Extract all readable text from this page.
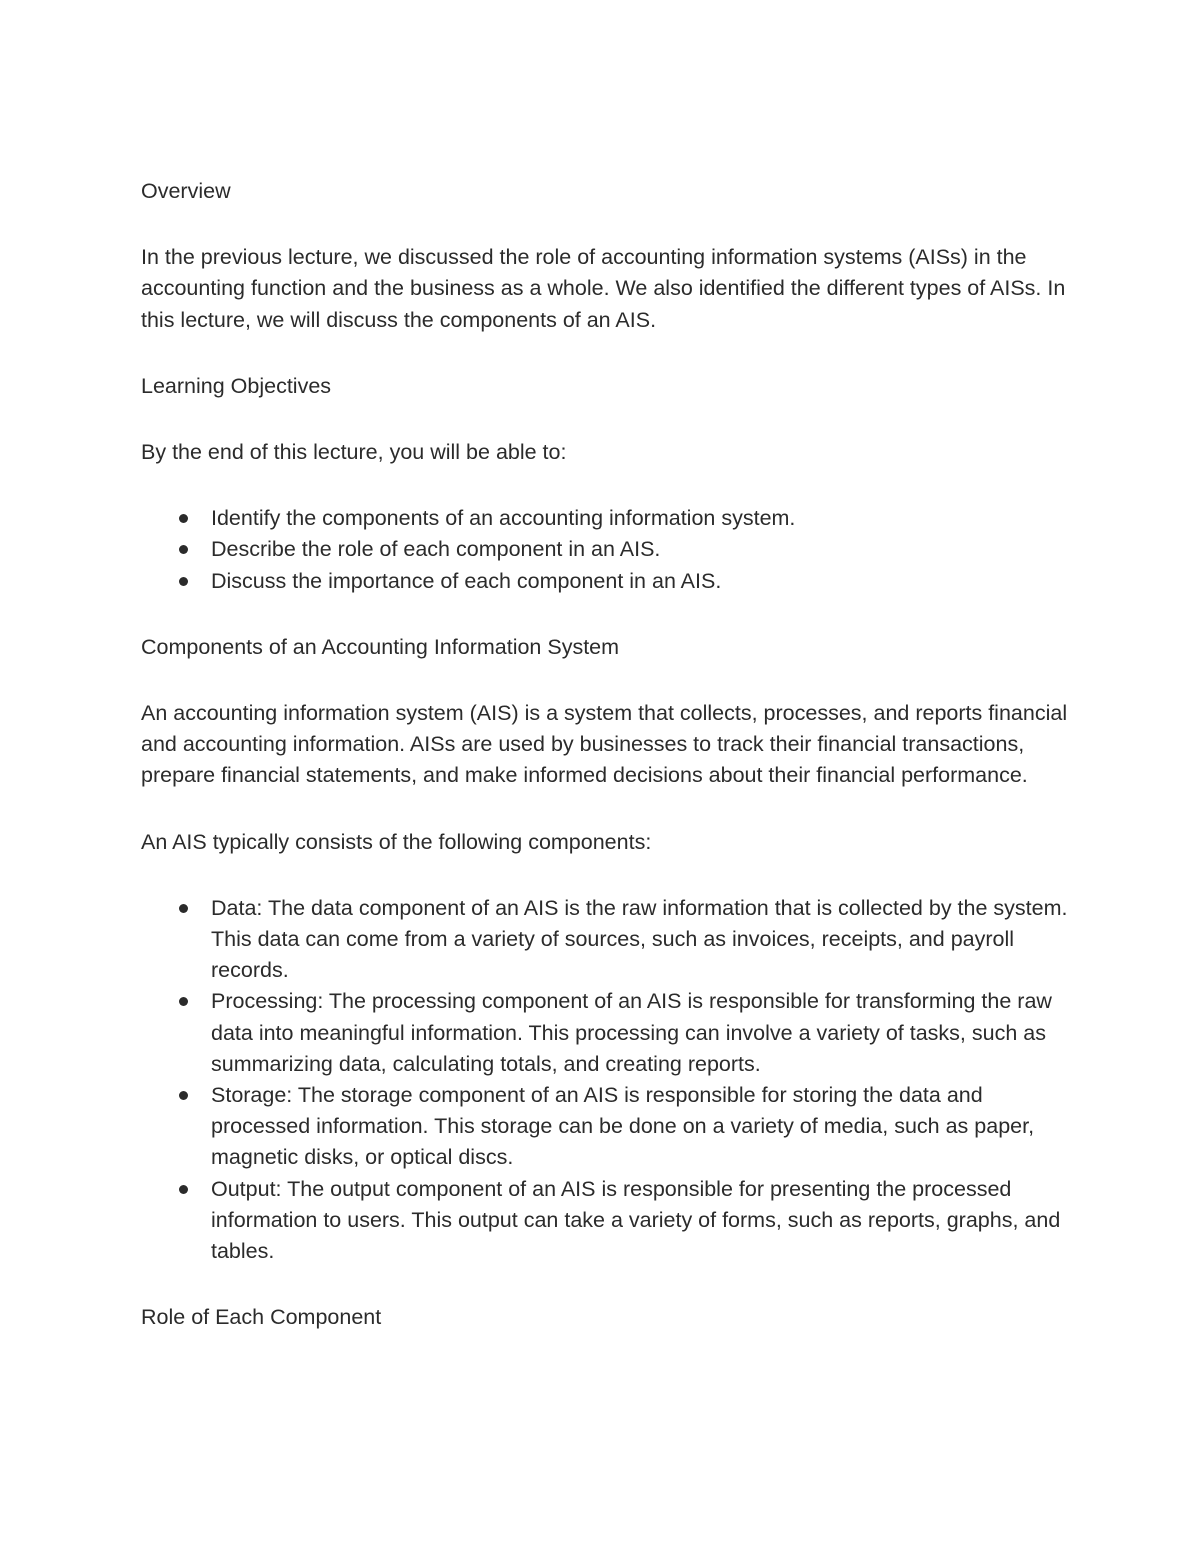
Overview

In the previous lecture, we discussed the role of accounting information systems (AISs) in the accounting function and the business as a whole. We also identified the different types of AISs. In this lecture, we will discuss the components of an AIS.

Learning Objectives

By the end of this lecture, you will be able to:

Identify the components of an accounting information system.
Describe the role of each component in an AIS.
Discuss the importance of each component in an AIS.
Components of an Accounting Information System

An accounting information system (AIS) is a system that collects, processes, and reports financial and accounting information. AISs are used by businesses to track their financial transactions, prepare financial statements, and make informed decisions about their financial performance.

An AIS typically consists of the following components:

Data: The data component of an AIS is the raw information that is collected by the system. This data can come from a variety of sources, such as invoices, receipts, and payroll records.
Processing: The processing component of an AIS is responsible for transforming the raw data into meaningful information. This processing can involve a variety of tasks, such as summarizing data, calculating totals, and creating reports.
Storage: The storage component of an AIS is responsible for storing the data and processed information. This storage can be done on a variety of media, such as paper, magnetic disks, or optical discs.
Output: The output component of an AIS is responsible for presenting the processed information to users. This output can take a variety of forms, such as reports, graphs, and tables.
Role of Each Component
